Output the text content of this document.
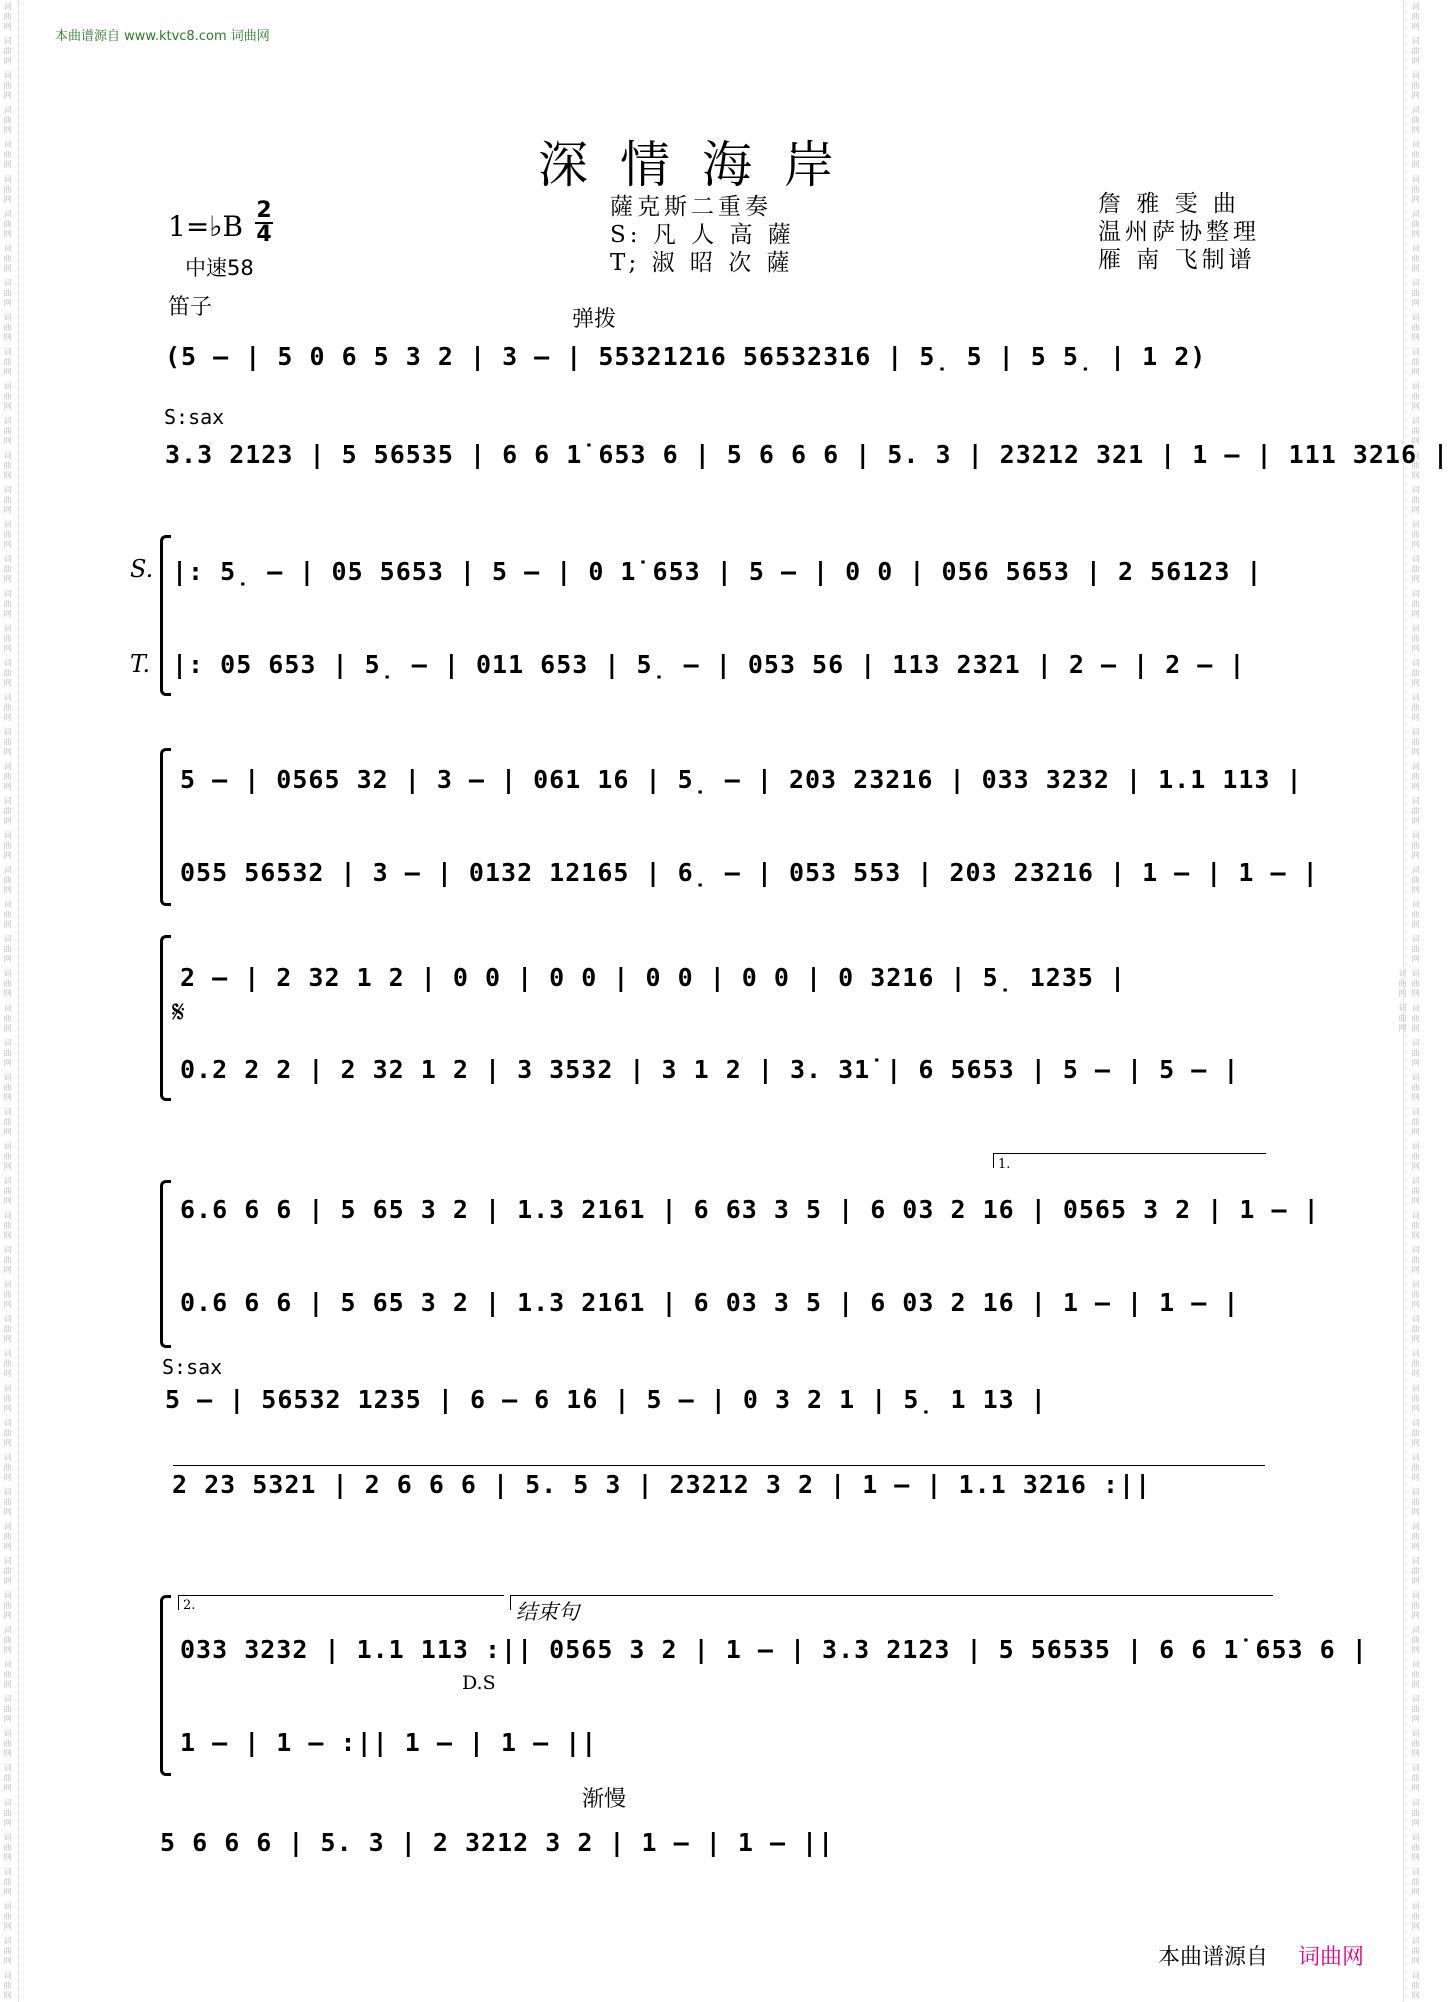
词曲网 词曲网 词曲网 词曲网 词曲网 词曲网 词曲网 词曲网 词曲网 词曲网 词曲网 词曲网 词曲网 词曲网 词曲网 词曲网 词曲网 词曲网 词曲网 词曲网 词曲网 词曲网 词曲网 词曲网 词曲网 词曲网 词曲网 词曲网 词曲网 词曲网 词曲网 词曲网 词曲网 词曲网 词曲网 词曲网 词曲网 词曲网 词曲网 词曲网 词曲网 词曲网 词曲网 词曲网 词曲网 词曲网 词曲网 词曲网 词曲网 词曲网 词曲网 词曲网 词曲网 词曲网 词曲网 词曲网 词曲网 词曲网	词曲网 词曲网 词曲网 词曲网 词曲网 词曲网 词曲网 词曲网 词曲网 词曲网 词曲网 词曲网 词曲网 词曲网 词曲网 词曲网 词曲网 词曲网 词曲网 词曲网 词曲网 词曲网 词曲网 词曲网 词曲网 词曲网 词曲网 词曲网 词曲网 词曲网 词曲网 词曲网 词曲网 词曲网 词曲网 词曲网 词曲网 词曲网 词曲网 词曲网 词曲网 词曲网 词曲网 词曲网 词曲网 词曲网 词曲网 词曲网 词曲网 词曲网 词曲网 词曲网 词曲网 词曲网 词曲网 词曲网 词曲网 词曲网 词曲网 词曲网
本曲谱源自 www.ktvc8.com 词曲网
深情海岸
1=♭B 2
4
中速58
薩克斯二重奏
S: 凡 人 高 薩
T; 淑 昭 次 薩
詹 雅 雯 曲
温州萨协整理
雁 南 飞制谱
笛子	弹拨
S:sax
S.
T.
𝄋
S:sax
结束句
D.S
渐慢
1.
2.
(5 – | 5 0 6 5 3 2 | 3 – | 55321216 56532316 | 5̣ 5 | 5 5̣ | 1 2)
3.3 2123 | 5 56535 | 6 6 1̇ 653 6 | 5 6 6 6 | 5. 3 | 23212 321 | 1 – | 111 3216 |
|: 5̣ – | 05 5653 | 5 – | 0 1̇ 653 | 5 – | 0 0 | 056 5653 | 2 56123 |
|: 05 653 | 5̣ – | 011 653 | 5̣ – | 053 56 | 113 2321 | 2 – | 2 – |
5 – | 0565 32 | 3 – | 061 16 | 5̣ – | 203 23216 | 033 3232 | 1.1 113 |
055 56532 | 3 – | 0132 12165 | 6̣ – | 053 553 | 203 23216 | 1 – | 1 – |
2 – | 2 32 1 2 | 0 0 | 0 0 | 0 0 | 0 0 | 0 3216 | 5̣ 1235 |
0.2 2 2 | 2 32 1 2 | 3 3532 | 3 1 2 | 3. 31̇ | 6 5653 | 5 – | 5 – |
6.6 6 6 | 5 65 3 2 | 1.3 2161 | 6 63 3 5 | 6 03 2 16 | 0565 3 2 | 1 – |
0.6 6 6 | 5 65 3 2 | 1.3 2161 | 6 03 3 5 | 6 03 2 16 | 1 – | 1 – |
5 – | 56532 1235 | 6 – 6 1̇6 | 5 – | 0 3 2 1 | 5̣ 1 13 |
2 23 5321 | 2 6 6 6 | 5. 5 3 | 23212 3 2 | 1 – | 1.1 3216 :||
033 3232 | 1.1 113 :|| 0565 3 2 | 1 – | 3.3 2123 | 5 56535 | 6 6 1̇ 653 6 |
1 – | 1 – :|| 1 – | 1 – ||
5 6 6 6 | 5. 3 | 2 3212 3 2 | 1 – | 1 – ||
本曲谱源自 词曲网
